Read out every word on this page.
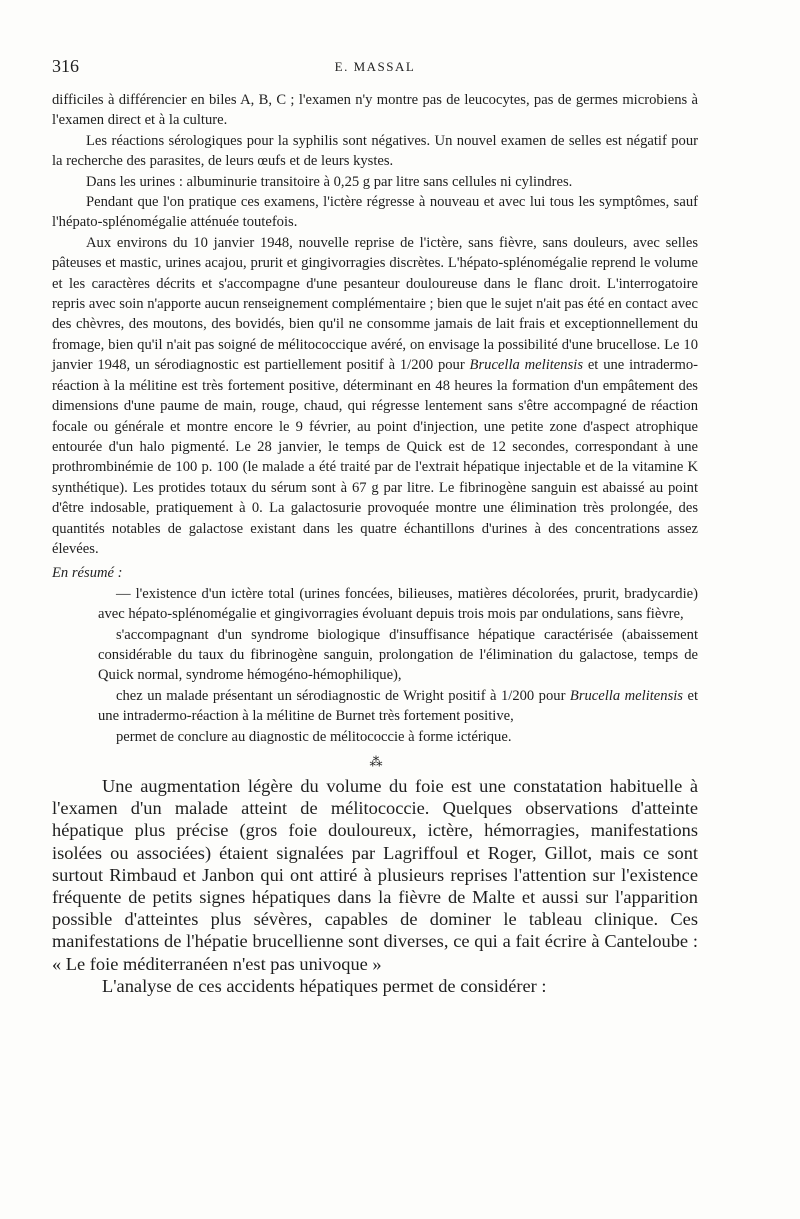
316	E. MASSAL

difficiles à différencier en biles A, B, C ; l'examen n'y montre pas de leucocytes, pas de germes microbiens à l'examen direct et à la culture.

Les réactions sérologiques pour la syphilis sont négatives. Un nouvel examen de selles est négatif pour la recherche des parasites, de leurs œufs et de leurs kystes.

Dans les urines : albuminurie transitoire à 0,25 g par litre sans cellules ni cylindres.

Pendant que l'on pratique ces examens, l'ictère régresse à nouveau et avec lui tous les symptômes, sauf l'hépato-splénomégalie atténuée toutefois.

Aux environs du 10 janvier 1948, nouvelle reprise de l'ictère, sans fièvre, sans douleurs, avec selles pâteuses et mastic, urines acajou, prurit et gingivorragies discrètes. L'hépato-splénomégalie reprend le volume et les caractères décrits et s'accompagne d'une pesanteur douloureuse dans le flanc droit. L'interrogatoire repris avec soin n'apporte aucun renseignement complémentaire ; bien que le sujet n'ait pas été en contact avec des chèvres, des moutons, des bovidés, bien qu'il ne consomme jamais de lait frais et exceptionnellement du fromage, bien qu'il n'ait pas soigné de mélitococcique avéré, on envisage la possibilité d'une brucellose. Le 10 janvier 1948, un sérodiagnostic est partiellement positif à 1/200 pour Brucella melitensis et une intradermo-réaction à la mélitine est très fortement positive, déterminant en 48 heures la formation d'un empâtement des dimensions d'une paume de main, rouge, chaud, qui régresse lentement sans s'être accompagné de réaction focale ou générale et montre encore le 9 février, au point d'injection, une petite zone d'aspect atrophique entourée d'un halo pigmenté. Le 28 janvier, le temps de Quick est de 12 secondes, correspondant à une prothrombinémie de 100 p. 100 (le malade a été traité par de l'extrait hépatique injectable et de la vitamine K synthétique). Les protides totaux du sérum sont à 67 g par litre. Le fibrinogène sanguin est abaissé au point d'être indosable, pratiquement à 0. La galactosurie provoquée montre une élimination très prolongée, des quantités notables de galactose existant dans les quatre échantillons d'urines à des concentrations assez élevées.

En résumé :

— l'existence d'un ictère total (urines foncées, bilieuses, matières décolorées, prurit, bradycardie) avec hépato-splénomégalie et gingivorragies évoluant depuis trois mois par ondulations, sans fièvre,

s'accompagnant d'un syndrome biologique d'insuffisance hépatique caractérisée (abaissement considérable du taux du fibrinogène sanguin, prolongation de l'élimination du galactose, temps de Quick normal, syndrome hémogéno-hémophilique),

chez un malade présentant un sérodiagnostic de Wright positif à 1/200 pour Brucella melitensis et une intradermo-réaction à la mélitine de Burnet très fortement positive,

permet de conclure au diagnostic de mélitococcie à forme ictérique.

⁂

Une augmentation légère du volume du foie est une constatation habituelle à l'examen d'un malade atteint de mélitococcie. Quelques observations d'atteinte hépatique plus précise (gros foie douloureux, ictère, hémorragies, manifestations isolées ou associées) étaient signalées par Lagriffoul et Roger, Gillot, mais ce sont surtout Rimbaud et Janbon qui ont attiré à plusieurs reprises l'attention sur l'existence fréquente de petits signes hépatiques dans la fièvre de Malte et aussi sur l'apparition possible d'atteintes plus sévères, capables de dominer le tableau clinique. Ces manifestations de l'hépatie brucellienne sont diverses, ce qui a fait écrire à Canteloube : « Le foie méditerranéen n'est pas univoque »

L'analyse de ces accidents hépatiques permet de considérer :
